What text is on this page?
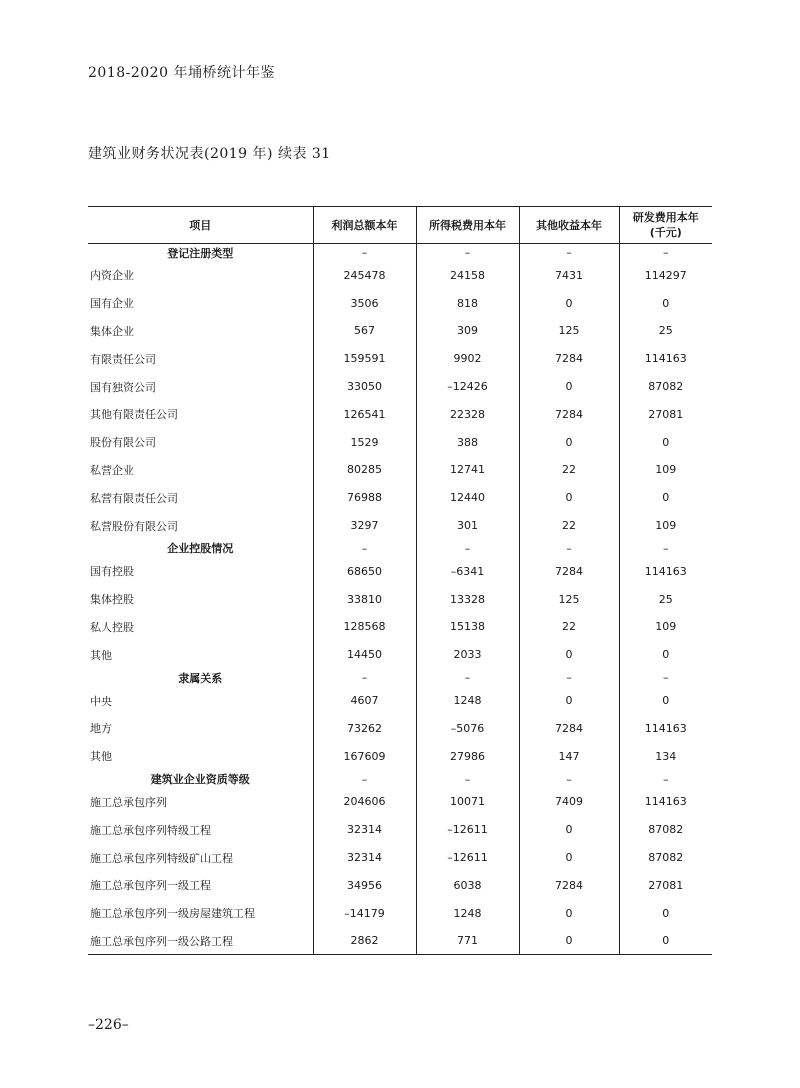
2018-2020 年埇桥统计年鉴
建筑业财务状况表(2019 年) 续表 31
项目	利润总额本年	所得税费用本年	其他收益本年	研发费用本年
(千元)
登记注册类型	–	–	–	–
内资企业	245478	24158	7431	114297
国有企业	3506	818	0	0
集体企业	567	309	125	25
有限责任公司	159591	9902	7284	114163
国有独资公司	33050	–12426	0	87082
其他有限责任公司	126541	22328	7284	27081
股份有限公司	1529	388	0	0
私营企业	80285	12741	22	109
私营有限责任公司	76988	12440	0	0
私营股份有限公司	3297	301	22	109
企业控股情况	–	–	–	–
国有控股	68650	–6341	7284	114163
集体控股	33810	13328	125	25
私人控股	128568	15138	22	109
其他	14450	2033	0	0
隶属关系	–	–	–	–
中央	4607	1248	0	0
地方	73262	–5076	7284	114163
其他	167609	27986	147	134
建筑业企业资质等级	–	–	–	–
施工总承包序列	204606	10071	7409	114163
施工总承包序列特级工程	32314	–12611	0	87082
施工总承包序列特级矿山工程	32314	–12611	0	87082
施工总承包序列一级工程	34956	6038	7284	27081
施工总承包序列一级房屋建筑工程	–14179	1248	0	0
施工总承包序列一级公路工程	2862	771	0	0
–226–
